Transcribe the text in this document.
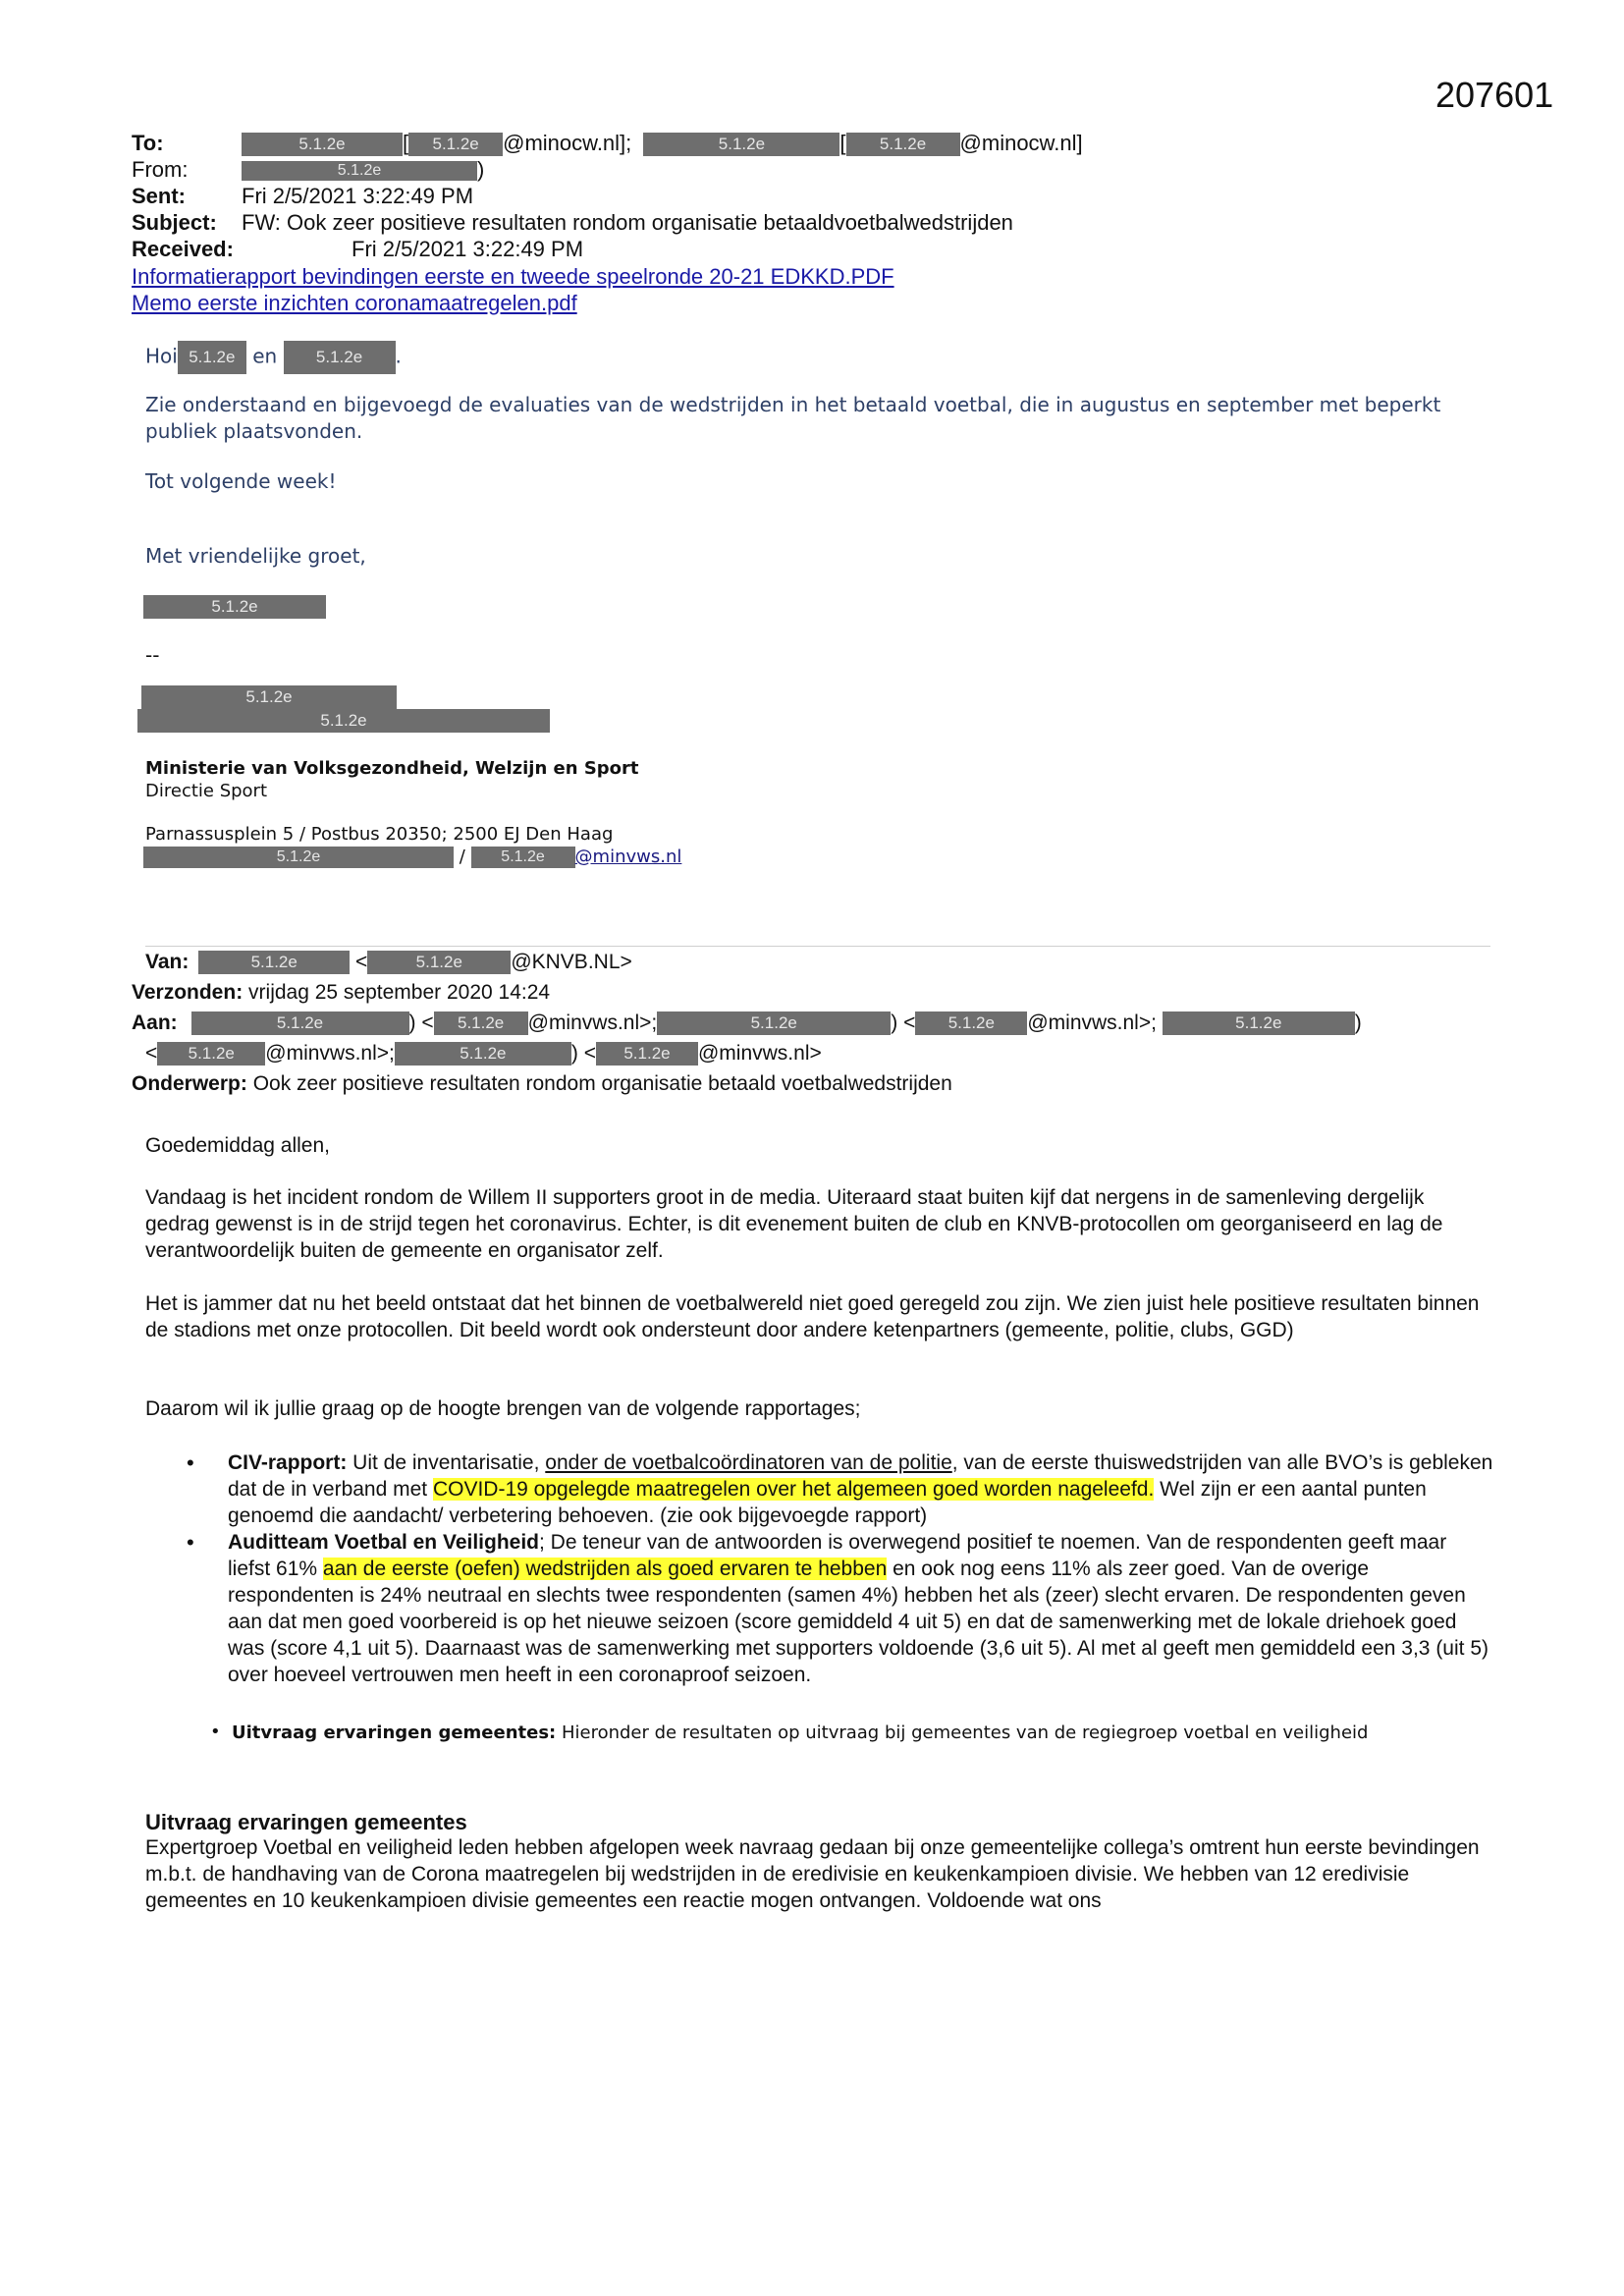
207601
To:	5.1.2e	[ 5.1.2e @minocw.nl];	5.1.2e	[ 5.1.2e @minocw.nl]
From:	5.1.2e	)
Sent:	Fri 2/5/2021 3:22:49 PM
Subject: FW: Ook zeer positieve resultaten rondom organisatie betaaldvoetbalwedstrijden
Received:	Fri 2/5/2021 3:22:49 PM
Informatierapport bevindingen eerste en tweede speelronde 20-21 EDKKD.PDF
Memo eerste inzichten coronamaatregelen.pdf
Hoi 5.1.2e en 5.1.2e .
Zie onderstaand en bijgevoegd de evaluaties van de wedstrijden in het betaald voetbal, die in augustus en september met beperkt publiek plaatsvonden.
Tot volgende week!
Met vriendelijke groet,
5.1.2e
--
5.1.2e
5.1.2e
Ministerie van Volksgezondheid, Welzijn en Sport
Directie Sport
Parnassusplein 5 / Postbus 20350; 2500 EJ Den Haag
5.1.2e	/ 5.1.2e @minvws.nl
Van:	5.1.2e	<	5.1.2e @KNVB.NL>
Verzonden: vrijdag 25 september 2020 14:24
Aan:	5.1.2e	) < 5.1.2e @minvws.nl>;	5.1.2e	) < 5.1.2e @minvws.nl>;	5.1.2e	)
< 5.1.2e @minvws.nl>;	5.1.2e	) < 5.1.2e @minvws.nl>
Onderwerp: Ook zeer positieve resultaten rondom organisatie betaald voetbalwedstrijden
Goedemiddag allen,
Vandaag is het incident rondom de Willem II supporters groot in de media. Uiteraard staat buiten kijf dat nergens in de samenleving dergelijk gedrag gewenst is in de strijd tegen het coronavirus. Echter, is dit evenement buiten de club en KNVB-protocollen om georganiseerd en lag de verantwoordelijk buiten de gemeente en organisator zelf.
Het is jammer dat nu het beeld ontstaat dat het binnen de voetbalwereld niet goed geregeld zou zijn. We zien juist hele positieve resultaten binnen de stadions met onze protocollen. Dit beeld wordt ook ondersteunt door andere ketenpartners (gemeente, politie, clubs, GGD)
Daarom wil ik jullie graag op de hoogte brengen van de volgende rapportages;
• CIV-rapport: Uit de inventarisatie, onder de voetbalcoördinatoren van de politie, van de eerste thuiswedstrijden van alle BVO’s is gebleken dat de in verband met COVID-19 opgelegde maatregelen over het algemeen goed worden nageleefd. Wel zijn er een aantal punten genoemd die aandacht/ verbetering behoeven. (zie ook bijgevoegde rapport)
• Auditteam Voetbal en Veiligheid; De teneur van de antwoorden is overwegend positief te noemen. Van de respondenten geeft maar liefst 61% aan de eerste (oefen) wedstrijden als goed ervaren te hebben en ook nog eens 11% als zeer goed. Van de overige respondenten is 24% neutraal en slechts twee respondenten (samen 4%) hebben het als (zeer) slecht ervaren. De respondenten geven aan dat men goed voorbereid is op het nieuwe seizoen (score gemiddeld 4 uit 5) en dat de samenwerking met de lokale driehoek goed was (score 4,1 uit 5). Daarnaast was de samenwerking met supporters voldoende (3,6 uit 5). Al met al geeft men gemiddeld een 3,3 (uit 5) over hoeveel vertrouwen men heeft in een coronaproof seizoen.
• Uitvraag ervaringen gemeentes: Hieronder de resultaten op uitvraag bij gemeentes van de regiegroep voetbal en veiligheid
Uitvraag ervaringen gemeentes
Expertgroep Voetbal en veiligheid leden hebben afgelopen week navraag gedaan bij onze gemeentelijke collega’s omtrent hun eerste bevindingen m.b.t. de handhaving van de Corona maatregelen bij wedstrijden in de eredivisie en keukenkampioen divisie. We hebben van 12 eredivisie gemeentes en 10 keukenkampioen divisie gemeentes een reactie mogen ontvangen. Voldoende wat ons
